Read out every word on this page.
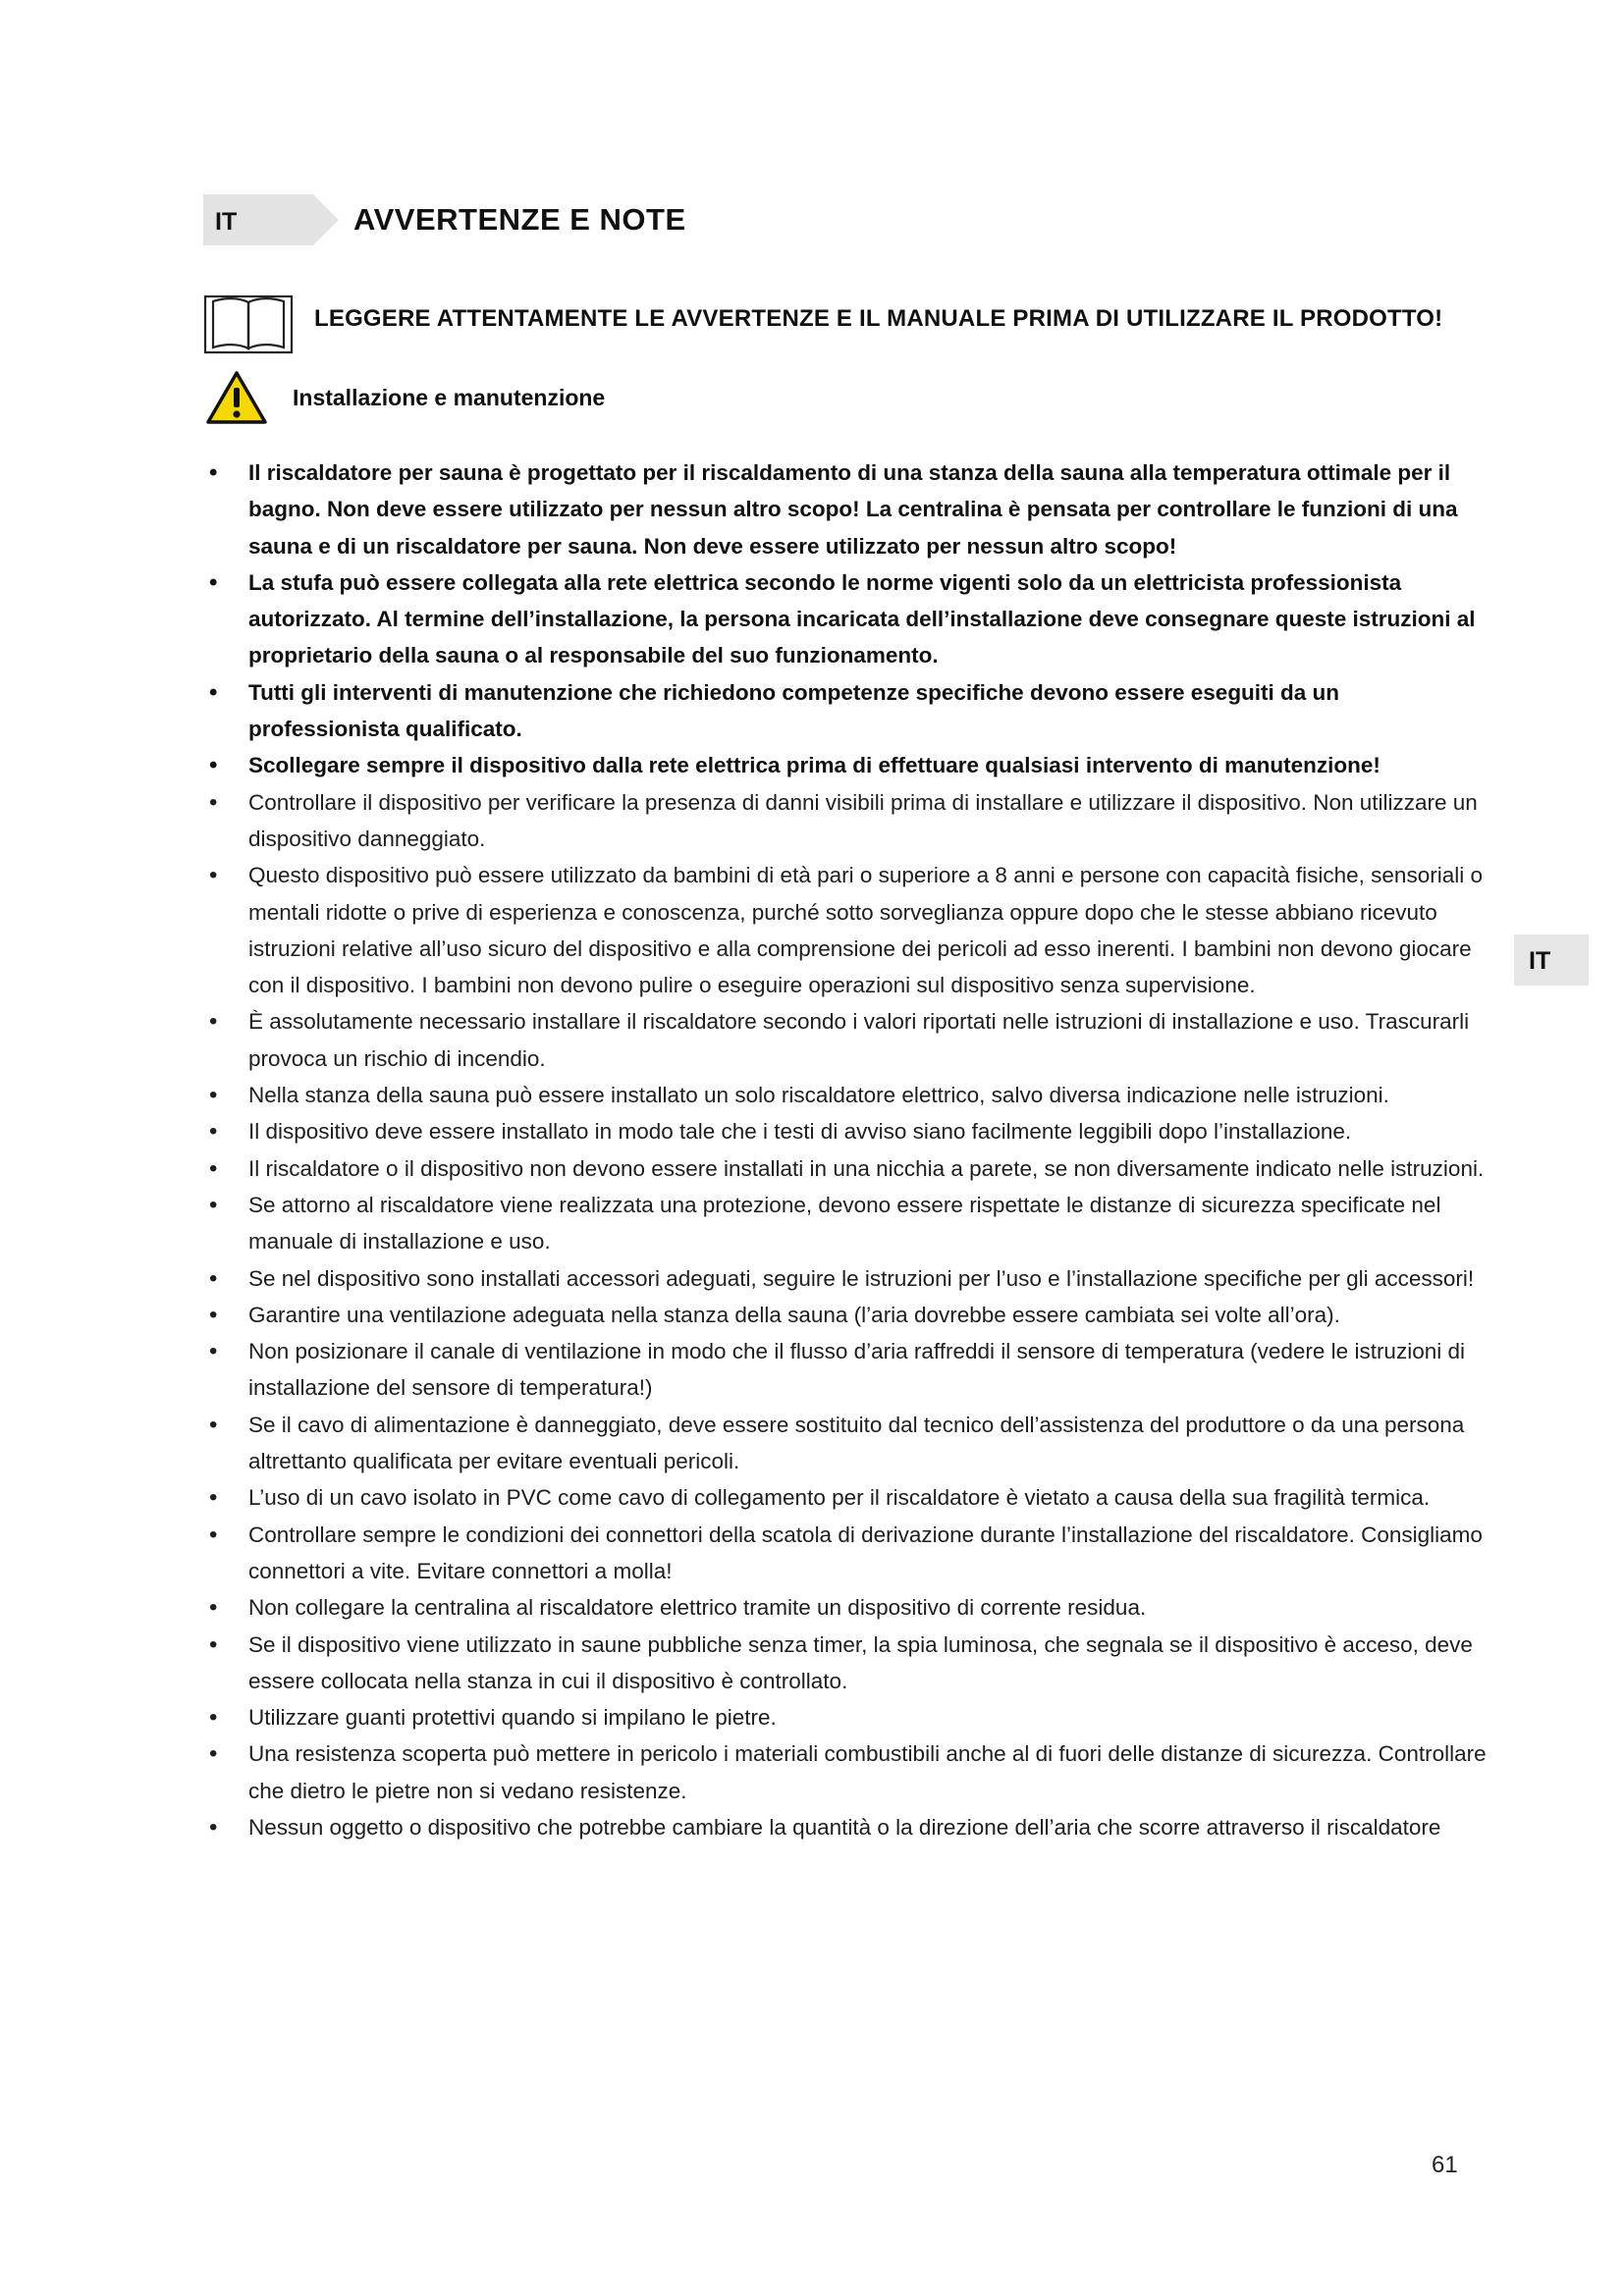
IT	AVVERTENZE E NOTE
LEGGERE ATTENTAMENTE LE AVVERTENZE E IL MANUALE PRIMA DI UTILIZZARE IL PRODOTTO!
Installazione e manutenzione
IT
• Il riscaldatore per sauna è progettato per il riscaldamento di una stanza della sauna alla temperatura ottimale per il bagno. Non deve essere utilizzato per nessun altro scopo! La centralina è pensata per controllare le funzioni di una sauna e di un riscaldatore per sauna. Non deve essere utilizzato per nessun altro scopo!
• La stufa può essere collegata alla rete elettrica secondo le norme vigenti solo da un elettricista professionista autorizzato. Al termine dell’installazione, la persona incaricata dell’installazione deve consegnare queste istruzioni al proprietario della sauna o al responsabile del suo funzionamento.
• Tutti gli interventi di manutenzione che richiedono competenze specifiche devono essere eseguiti da un professionista qualificato.
• Scollegare sempre il dispositivo dalla rete elettrica prima di effettuare qualsiasi intervento di manutenzione!
• Controllare il dispositivo per verificare la presenza di danni visibili prima di installare e utilizzare il dispositivo. Non utilizzare un dispositivo danneggiato.
• Questo dispositivo può essere utilizzato da bambini di età pari o superiore a 8 anni e persone con capacità fisiche, sensoriali o mentali ridotte o prive di esperienza e conoscenza, purché sotto sorveglianza oppure dopo che le stesse abbiano ricevuto istruzioni relative all’uso sicuro del dispositivo e alla comprensione dei pericoli ad esso inerenti. I bambini non devono giocare con il dispositivo. I bambini non devono pulire o eseguire operazioni sul dispositivo senza supervisione.
• È assolutamente necessario installare il riscaldatore secondo i valori riportati nelle istruzioni di installazione e uso. Trascurarli provoca un rischio di incendio.
• Nella stanza della sauna può essere installato un solo riscaldatore elettrico, salvo diversa indicazione nelle istruzioni.
• Il dispositivo deve essere installato in modo tale che i testi di avviso siano facilmente leggibili dopo l’installazione.
• Il riscaldatore o il dispositivo non devono essere installati in una nicchia a parete, se non diversamente indicato nelle istruzioni.
• Se attorno al riscaldatore viene realizzata una protezione, devono essere rispettate le distanze di sicurezza specificate nel manuale di installazione e uso.
• Se nel dispositivo sono installati accessori adeguati, seguire le istruzioni per l’uso e l’installazione specifiche per gli accessori!
• Garantire una ventilazione adeguata nella stanza della sauna (l’aria dovrebbe essere cambiata sei volte all’ora).
• Non posizionare il canale di ventilazione in modo che il flusso d’aria raffreddi il sensore di temperatura (vedere le istruzioni di installazione del sensore di temperatura!)
• Se il cavo di alimentazione è danneggiato, deve essere sostituito dal tecnico dell’assistenza del produttore o da una persona altrettanto qualificata per evitare eventuali pericoli.
• L’uso di un cavo isolato in PVC come cavo di collegamento per il riscaldatore è vietato a causa della sua fragilità termica.
• Controllare sempre le condizioni dei connettori della scatola di derivazione durante l’installazione del riscaldatore. Consigliamo connettori a vite. Evitare connettori a molla!
• Non collegare la centralina al riscaldatore elettrico tramite un dispositivo di corrente residua.
• Se il dispositivo viene utilizzato in saune pubbliche senza timer, la spia luminosa, che segnala se il dispositivo è acceso, deve essere collocata nella stanza in cui il dispositivo è controllato.
• Utilizzare guanti protettivi quando si impilano le pietre.
• Una resistenza scoperta può mettere in pericolo i materiali combustibili anche al di fuori delle distanze di sicurezza. Controllare che dietro le pietre non si vedano resistenze.
• Nessun oggetto o dispositivo che potrebbe cambiare la quantità o la direzione dell’aria che scorre attraverso il riscaldatore
61
